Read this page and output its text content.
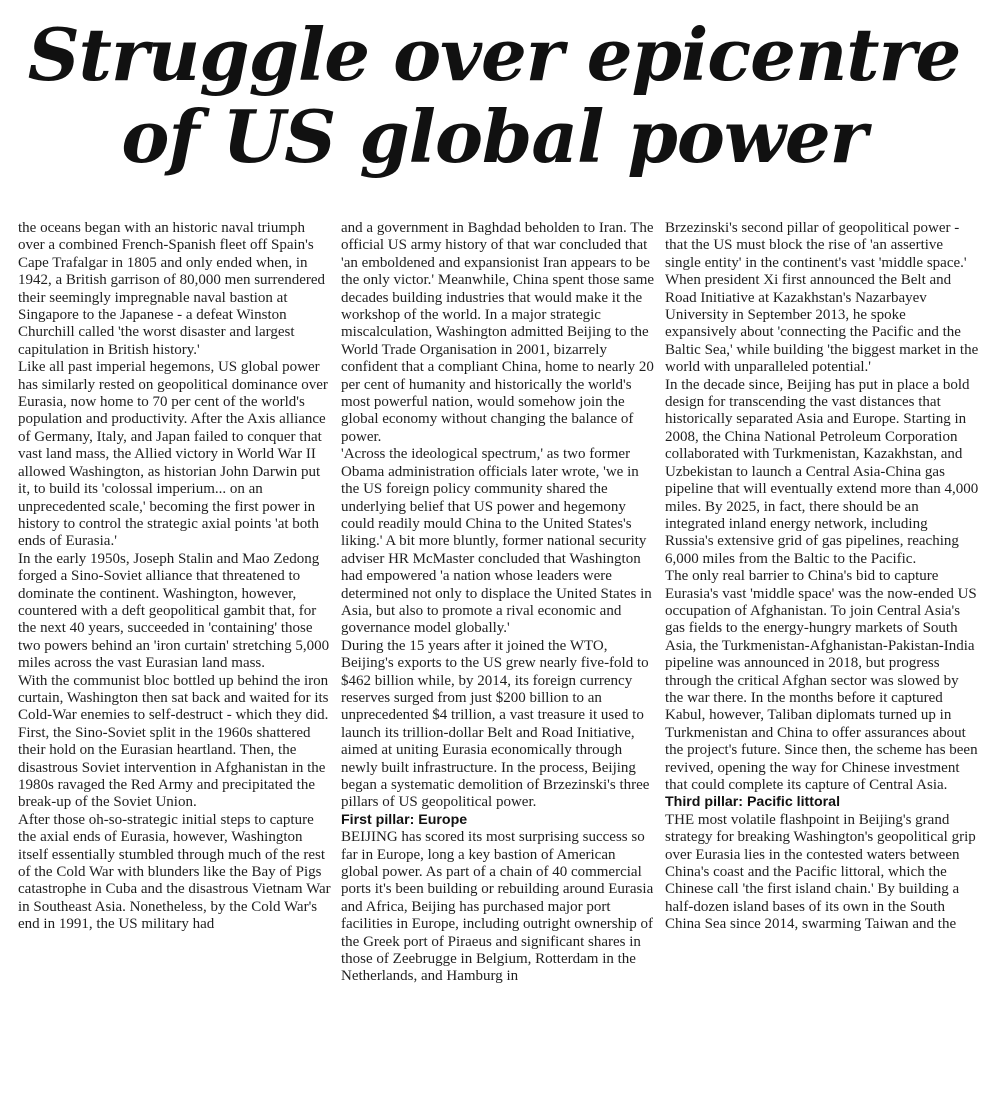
Struggle over epicentre
of US global power

the oceans began with an historic naval triumph over a combined French-Spanish fleet off Spain's Cape Trafalgar in 1805 and only ended when, in 1942, a British garrison of 80,000 men surrendered their seemingly impregnable naval bastion at Singapore to the Japanese - a defeat Winston Churchill called 'the worst disaster and largest capitulation in British history.'

Like all past imperial hegemons, US global power has similarly rested on geopolitical dominance over Eurasia, now home to 70 per cent of the world's population and productivity. After the Axis alliance of Germany, Italy, and Japan failed to conquer that vast land mass, the Allied victory in World War II allowed Washington, as historian John Darwin put it, to build its 'colossal imperium... on an unprecedented scale,' becoming the first power in history to control the strategic axial points 'at both ends of Eurasia.'

In the early 1950s, Joseph Stalin and Mao Zedong forged a Sino-Soviet alliance that threatened to dominate the continent. Washington, however, countered with a deft geopolitical gambit that, for the next 40 years, succeeded in 'containing' those two powers behind an 'iron curtain' stretching 5,000 miles across the vast Eurasian land mass.

With the communist bloc bottled up behind the iron curtain, Washington then sat back and waited for its Cold-War enemies to self-destruct - which they did. First, the Sino-Soviet split in the 1960s shattered their hold on the Eurasian heartland. Then, the disastrous Soviet intervention in Afghanistan in the 1980s ravaged the Red Army and precipitated the break-up of the Soviet Union.

After those oh-so-strategic initial steps to capture the axial ends of Eurasia, however, Washington itself essentially stumbled through much of the rest of the Cold War with blunders like the Bay of Pigs catastrophe in Cuba and the disastrous Vietnam War in Southeast Asia. Nonetheless, by the Cold War's end in 1991, the US military had

and a government in Baghdad beholden to Iran. The official US army history of that war concluded that 'an emboldened and expansionist Iran appears to be the only victor.' Meanwhile, China spent those same decades building industries that would make it the workshop of the world. In a major strategic miscalculation, Washington admitted Beijing to the World Trade Organisation in 2001, bizarrely confident that a compliant China, home to nearly 20 per cent of humanity and historically the world's most powerful nation, would somehow join the global economy without changing the balance of power.

'Across the ideological spectrum,' as two former Obama administration officials later wrote, 'we in the US foreign policy community shared the underlying belief that US power and hegemony could readily mould China to the United States's liking.' A bit more bluntly, former national security adviser HR McMaster concluded that Washington had empowered 'a nation whose leaders were determined not only to displace the United States in Asia, but also to promote a rival economic and governance model globally.'

During the 15 years after it joined the WTO, Beijing's exports to the US grew nearly five-fold to $462 billion while, by 2014, its foreign currency reserves surged from just $200 billion to an unprecedented $4 trillion, a vast treasure it used to launch its trillion-dollar Belt and Road Initiative, aimed at uniting Eurasia economically through newly built infrastructure. In the process, Beijing began a systematic demolition of Brzezinski's three pillars of US geopolitical power.

First pillar: Europe

BEIJING has scored its most surprising success so far in Europe, long a key bastion of American global power. As part of a chain of 40 commercial ports it's been building or rebuilding around Eurasia and Africa, Beijing has purchased major port facilities in Europe, including outright ownership of the Greek port of Piraeus and significant shares in those of Zeebrugge in Belgium, Rotterdam in the Netherlands, and Hamburg in

Brzezinski's second pillar of geopolitical power - that the US must block the rise of 'an assertive single entity' in the continent's vast 'middle space.' When president Xi first announced the Belt and Road Initiative at Kazakhstan's Nazarbayev University in September 2013, he spoke expansively about 'connecting the Pacific and the Baltic Sea,' while building 'the biggest market in the world with unparalleled potential.'

In the decade since, Beijing has put in place a bold design for transcending the vast distances that historically separated Asia and Europe. Starting in 2008, the China National Petroleum Corporation collaborated with Turkmenistan, Kazakhstan, and Uzbekistan to launch a Central Asia-China gas pipeline that will eventually extend more than 4,000 miles. By 2025, in fact, there should be an integrated inland energy network, including Russia's extensive grid of gas pipelines, reaching 6,000 miles from the Baltic to the Pacific.

The only real barrier to China's bid to capture Eurasia's vast 'middle space' was the now-ended US occupation of Afghanistan. To join Central Asia's gas fields to the energy-hungry markets of South Asia, the Turkmenistan-Afghanistan-Pakistan-India pipeline was announced in 2018, but progress through the critical Afghan sector was slowed by the war there. In the months before it captured Kabul, however, Taliban diplomats turned up in Turkmenistan and China to offer assurances about the project's future. Since then, the scheme has been revived, opening the way for Chinese investment that could complete its capture of Central Asia.

Third pillar: Pacific littoral

THE most volatile flashpoint in Beijing's grand strategy for breaking Washington's geopolitical grip over Eurasia lies in the contested waters between China's coast and the Pacific littoral, which the Chinese call 'the first island chain.' By building a half-dozen island bases of its own in the South China Sea since 2014, swarming Taiwan and the
